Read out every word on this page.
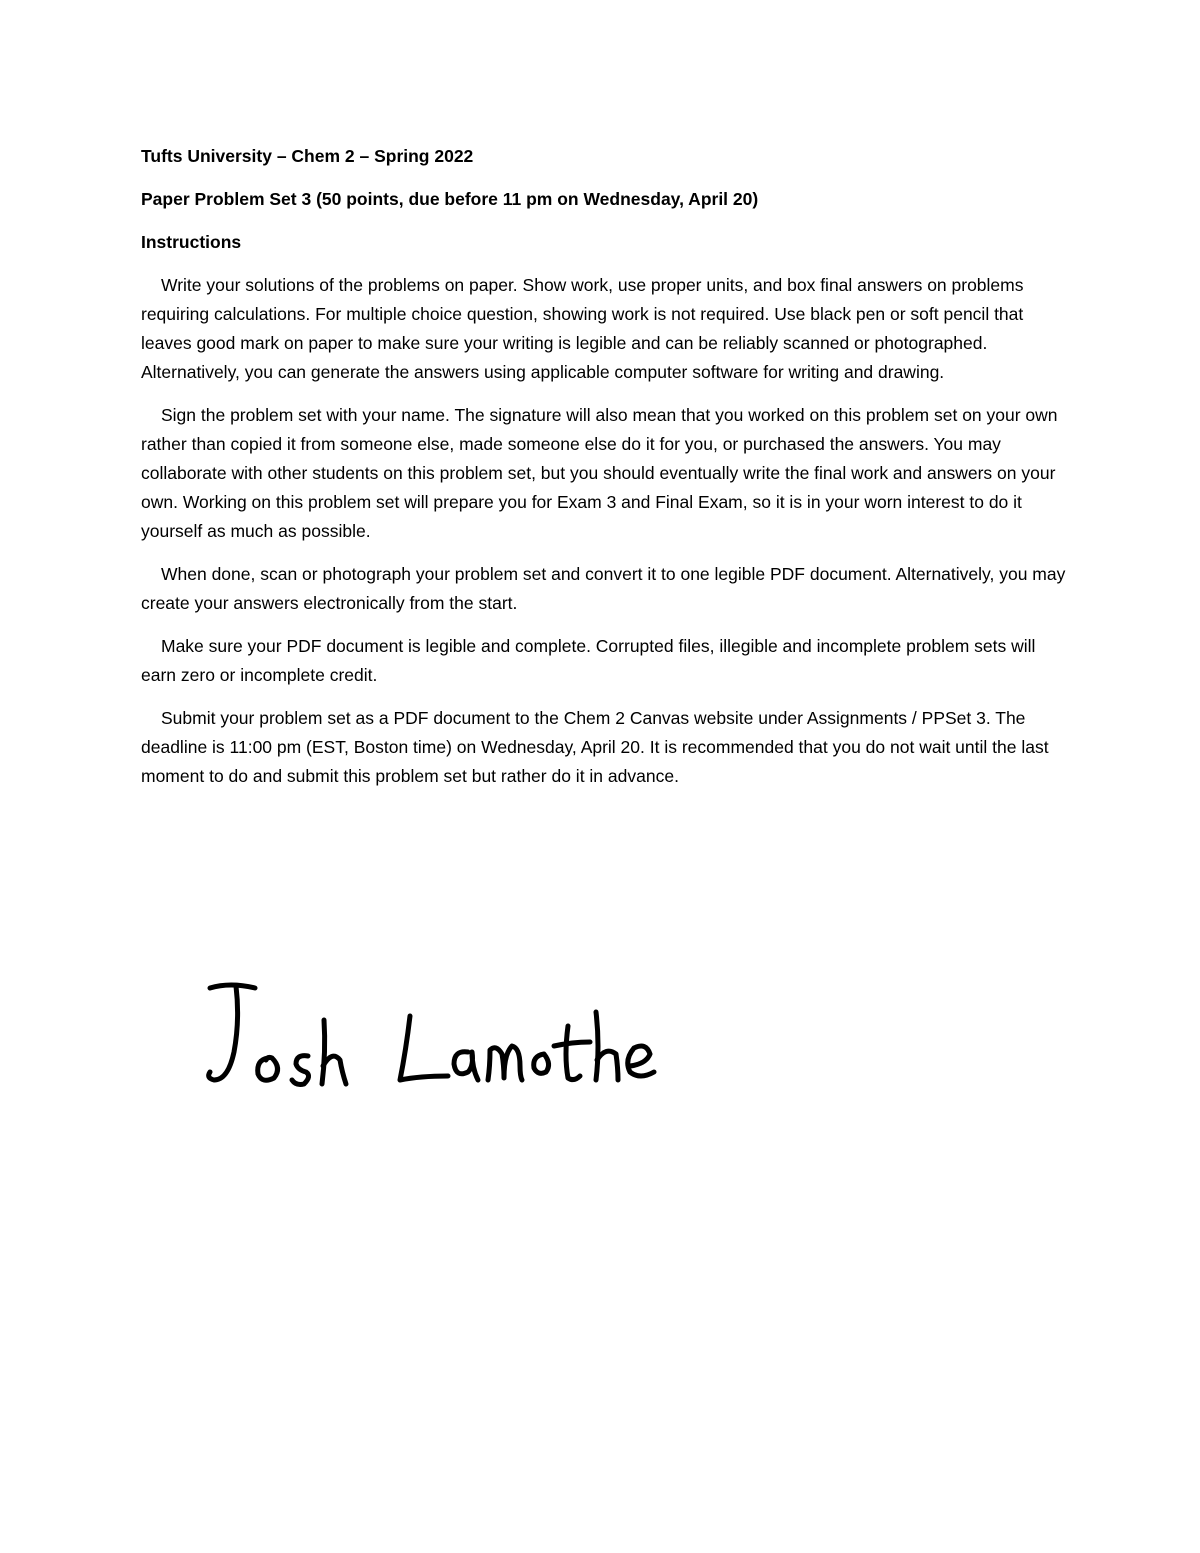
Tufts University – Chem 2 – Spring 2022
Paper Problem Set 3 (50 points, due before 11 pm on Wednesday, April 20)
Instructions

Write your solutions of the problems on paper. Show work, use proper units, and box final answers on problems requiring calculations. For multiple choice question, showing work is not required. Use black pen or soft pencil that leaves good mark on paper to make sure your writing is legible and can be reliably scanned or photographed. Alternatively, you can generate the answers using applicable computer software for writing and drawing.

Sign the problem set with your name. The signature will also mean that you worked on this problem set on your own rather than copied it from someone else, made someone else do it for you, or purchased the answers. You may collaborate with other students on this problem set, but you should eventually write the final work and answers on your own. Working on this problem set will prepare you for Exam 3 and Final Exam, so it is in your worn interest to do it yourself as much as possible.

When done, scan or photograph your problem set and convert it to one legible PDF document. Alternatively, you may create your answers electronically from the start.

Make sure your PDF document is legible and complete. Corrupted files, illegible and incomplete problem sets will earn zero or incomplete credit.

Submit your problem set as a PDF document to the Chem 2 Canvas website under Assignments / PPSet 3. The deadline is 11:00 pm (EST, Boston time) on Wednesday, April 20. It is recommended that you do not wait until the last moment to do and submit this problem set but rather do it in advance.
